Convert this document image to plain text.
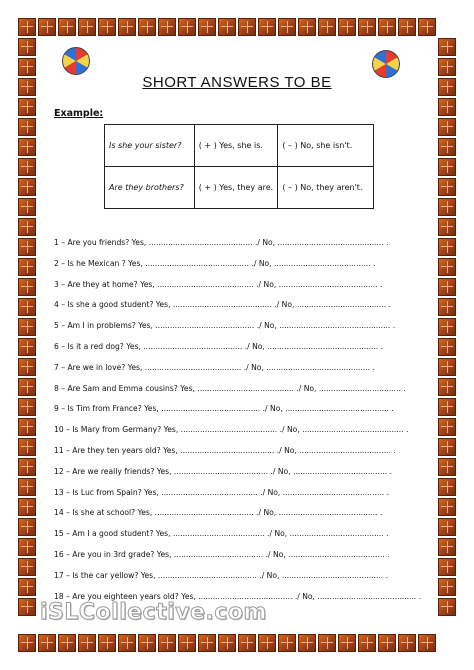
SHORT ANSWERS TO BE
Example:
Is she your sister?	( + ) Yes, she is.	( – ) No, she isn't.
Are they brothers?	( + ) Yes, they are.	( – ) No, they aren't.
1 – Are you friends? Yes, ........................................... ./ No, ............................................ .
2 – Is he Mexican ? Yes, ........................................... ./ No, ........................................ .
3 – Are they at home? Yes, ........................................ ./ No, ......................................... .
4 – Is she a good student? Yes, ......................................... ./ No, ..................................... .
5 – Am I in problems? Yes, ......................................... ./ No, .............................................. .
6 – Is it a red dog? Yes, ......................................... ./ No, .............................................. .
7 – Are we in love? Yes, ........................................ ./ No, ........................................... .
8 – Are Sam and Emma cousins? Yes, ........................................ ./ No, .................................. .
9 – Is Tim from France? Yes, ......................................... ./ No, ........................................... .
10 – Is Mary from Germany? Yes, ........................................ ./ No, .......................................... .
11 – Are they ten years old? Yes, ....................................... ./ No, ...................................... .
12 – Are we really friends? Yes, ....................................... ./ No, ....................................... .
13 – Is Luc from Spain? Yes, ........................................ ./ No, .......................................... .
14 – Is she at school? Yes, ......................................... ./ No, ......................................... .
15 – Am I a good student? Yes, ...................................... ./ No, ....................................... .
16 – Are you in 3rd grade? Yes, ..................................... ./ No, ........................................ .
17 – Is the car yellow? Yes, ......................................... ./ No, .......................................... .
18 – Are you eighteen years old? Yes, ....................................... ./ No, ......................................... .
iSLCollective.com
